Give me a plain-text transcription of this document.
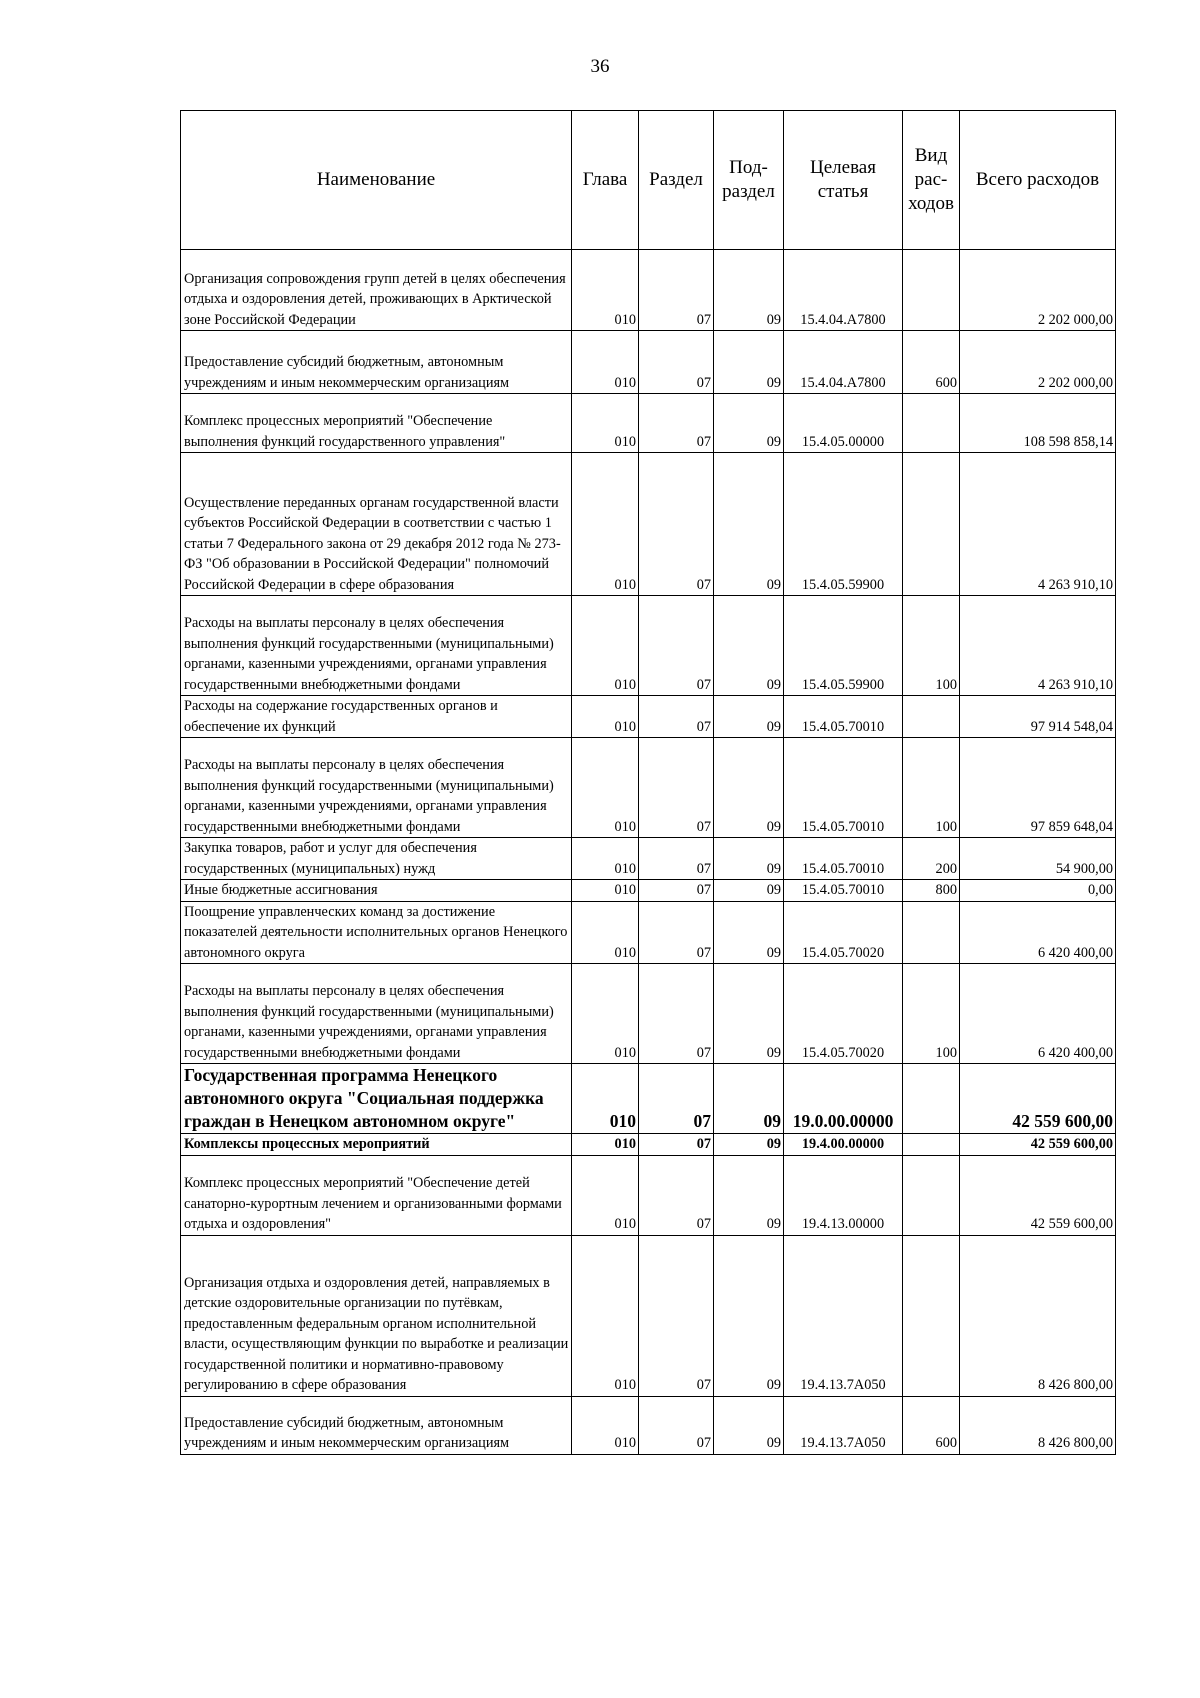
36
Наименование	Глава	Раздел	Под-раздел	Целевая статья	Вид рас-ходов	Всего расходов
Организация сопровождения групп детей в целях обеспечения отдыха и оздоровления детей, проживающих в Арктической зоне Российской Федерации	010	07	09	15.4.04.А7800		2 202 000,00
Предоставление субсидий бюджетным, автономным учреждениям и иным некоммерческим организациям	010	07	09	15.4.04.А7800	600	2 202 000,00
Комплекс процессных мероприятий "Обеспечение выполнения функций государственного управления"	010	07	09	15.4.05.00000		108 598 858,14
Осуществление переданных органам государственной власти субъектов Российской Федерации в соответствии с частью 1 статьи 7 Федерального закона от 29 декабря 2012 года № 273-ФЗ "Об образовании в Российской Федерации" полномочий Российской Федерации в сфере образования	010	07	09	15.4.05.59900		4 263 910,10
Расходы на выплаты персоналу в целях обеспечения выполнения функций государственными (муниципальными) органами, казенными учреждениями, органами управления государственными внебюджетными фондами	010	07	09	15.4.05.59900	100	4 263 910,10
Расходы на содержание государственных органов и обеспечение их функций	010	07	09	15.4.05.70010		97 914 548,04
Расходы на выплаты персоналу в целях обеспечения выполнения функций государственными (муниципальными) органами, казенными учреждениями, органами управления государственными внебюджетными фондами	010	07	09	15.4.05.70010	100	97 859 648,04
Закупка товаров, работ и услуг для обеспечения государственных (муниципальных) нужд	010	07	09	15.4.05.70010	200	54 900,00
Иные бюджетные ассигнования	010	07	09	15.4.05.70010	800	0,00
Поощрение управленческих команд за достижение показателей деятельности исполнительных органов Ненецкого автономного округа	010	07	09	15.4.05.70020		6 420 400,00
Расходы на выплаты персоналу в целях обеспечения выполнения функций государственными (муниципальными) органами, казенными учреждениями, органами управления государственными внебюджетными фондами	010	07	09	15.4.05.70020	100	6 420 400,00
Государственная программа Ненецкого автономного округа "Социальная поддержка граждан в Ненецком автономном округе"	010	07	09	19.0.00.00000		42 559 600,00
Комплексы процессных мероприятий	010	07	09	19.4.00.00000		42 559 600,00
Комплекс процессных мероприятий "Обеспечение детей санаторно-курортным лечением и организованными формами отдыха и оздоровления"	010	07	09	19.4.13.00000		42 559 600,00
Организация отдыха и оздоровления детей, направляемых в детские оздоровительные организации по путёвкам, предоставленным федеральным органом исполнительной власти, осуществляющим функции по выработке и реализации государственной политики и нормативно-правовому регулированию в сфере образования	010	07	09	19.4.13.7А050		8 426 800,00
Предоставление субсидий бюджетным, автономным учреждениям и иным некоммерческим организациям	010	07	09	19.4.13.7А050	600	8 426 800,00
